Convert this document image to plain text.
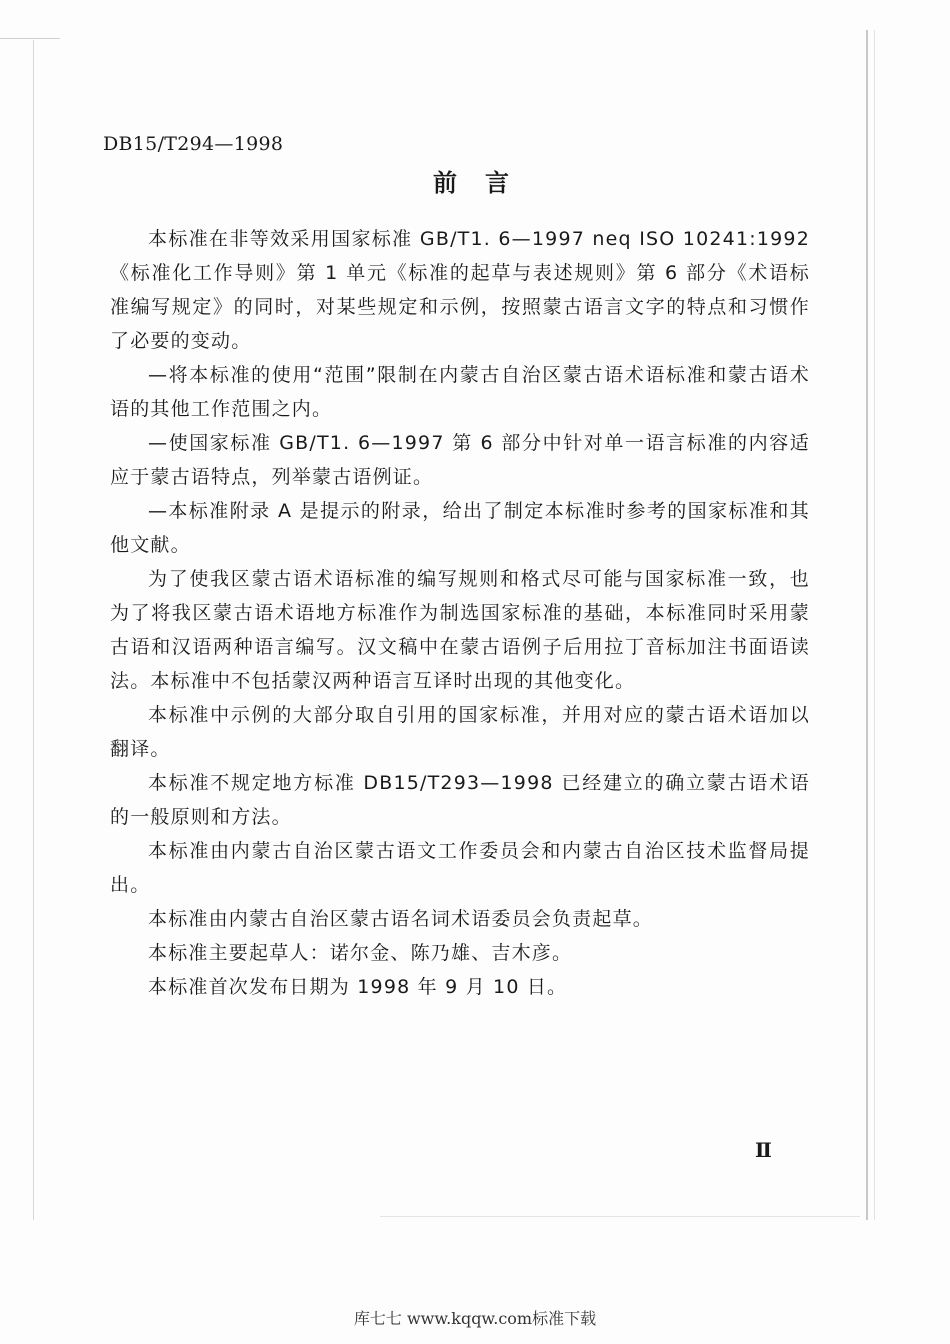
DB15/T294—1998
前言

本标准在非等效采用国家标准 GB/T1. 6—1997 neq ISO 10241:1992《标准化工作导则》第 1 单元《标准的起草与表述规则》第 6 部分《术语标准编写规定》的同时，对某些规定和示例，按照蒙古语言文字的特点和习惯作了必要的变动。

—将本标准的使用“范围”限制在内蒙古自治区蒙古语术语标准和蒙古语术语的其他工作范围之内。

—使国家标准 GB/T1. 6—1997 第 6 部分中针对单一语言标准的内容适应于蒙古语特点，列举蒙古语例证。

—本标准附录 A 是提示的附录，给出了制定本标准时参考的国家标准和其他文献。

为了使我区蒙古语术语标准的编写规则和格式尽可能与国家标准一致，也为了将我区蒙古语术语地方标准作为制选国家标准的基础，本标准同时采用蒙古语和汉语两种语言编写。汉文稿中在蒙古语例子后用拉丁音标加注书面语读法。本标准中不包括蒙汉两种语言互译时出现的其他变化。

本标准中示例的大部分取自引用的国家标准，并用对应的蒙古语术语加以翻译。

本标准不规定地方标准 DB15/T293—1998 已经建立的确立蒙古语术语的一般原则和方法。

本标准由内蒙古自治区蒙古语文工作委员会和内蒙古自治区技术监督局提出。

本标准由内蒙古自治区蒙古语名词术语委员会负责起草。

本标准主要起草人：诺尔金、陈乃雄、吉木彦。

本标准首次发布日期为 1998 年 9 月 10 日。

Ⅱ
库七七 www.kqqw.com标准下载
